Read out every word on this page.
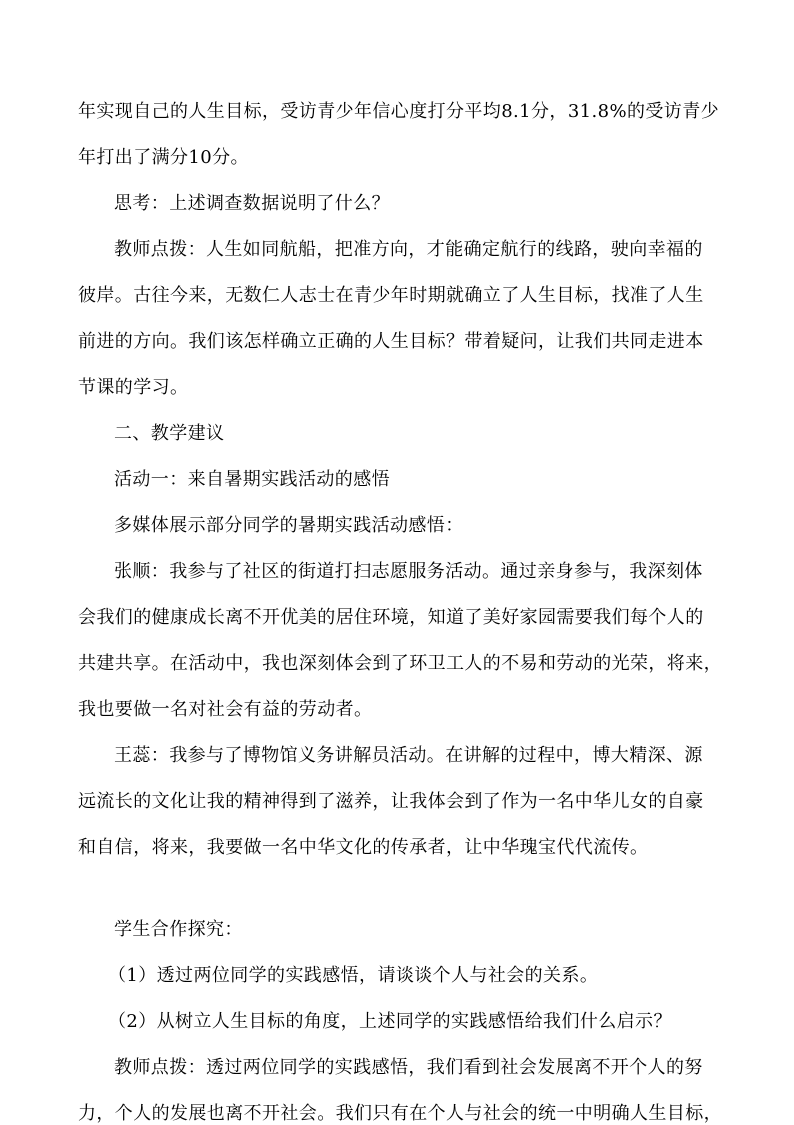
年实现自己的人生目标，受访青少年信心度打分平均8.1分，31.8%的受访青少
年打出了满分10分。
思考：上述调查数据说明了什么？
教师点拨：人生如同航船，把准方向，才能确定航行的线路，驶向幸福的
彼岸。古往今来，无数仁人志士在青少年时期就确立了人生目标，找准了人生
前进的方向。我们该怎样确立正确的人生目标？带着疑问，让我们共同走进本
节课的学习。
二、教学建议
活动一：来自暑期实践活动的感悟
多媒体展示部分同学的暑期实践活动感悟：
张顺：我参与了社区的街道打扫志愿服务活动。通过亲身参与，我深刻体
会我们的健康成长离不开优美的居住环境，知道了美好家园需要我们每个人的
共建共享。在活动中，我也深刻体会到了环卫工人的不易和劳动的光荣，将来，
我也要做一名对社会有益的劳动者。
王蕊：我参与了博物馆义务讲解员活动。在讲解的过程中，博大精深、源
远流长的文化让我的精神得到了滋养，让我体会到了作为一名中华儿女的自豪
和自信，将来，我要做一名中华文化的传承者，让中华瑰宝代代流传。
学生合作探究：
（1）透过两位同学的实践感悟，请谈谈个人与社会的关系。
（2）从树立人生目标的角度，上述同学的实践感悟给我们什么启示？
教师点拨：透过两位同学的实践感悟，我们看到社会发展离不开个人的努
力，个人的发展也离不开社会。我们只有在个人与社会的统一中明确人生目标，
